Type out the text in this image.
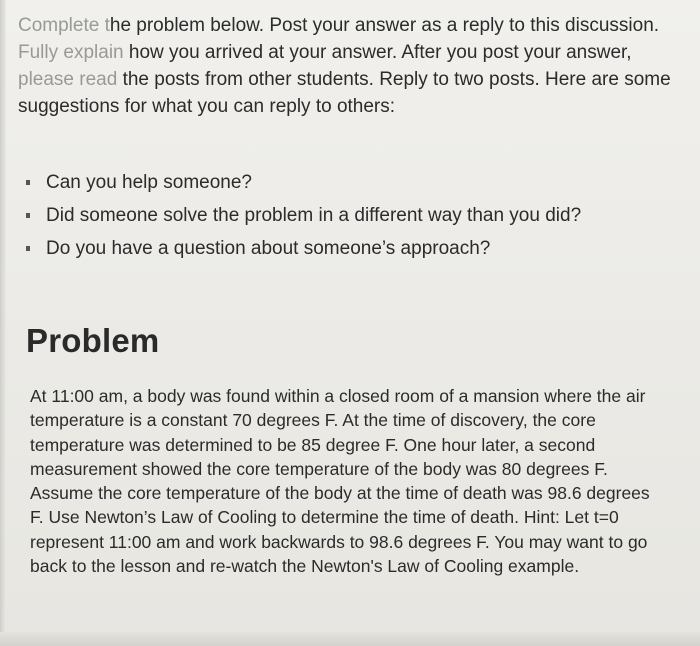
Complete the problem below. Post your answer as a reply to this discussion.
Fully explain how you arrived at your answer. After you post your answer,
please read the posts from other students. Reply to two posts. Here are some
suggestions for what you can reply to others:
Can you help someone?
Did someone solve the problem in a different way than you did?
Do you have a question about someone’s approach?
Problem
At 11:00 am, a body was found within a closed room of a mansion where the air temperature is a constant 70 degrees F. At the time of discovery, the core temperature was determined to be 85 degree F. One hour later, a second measurement showed the core temperature of the body was 80 degrees F. Assume the core temperature of the body at the time of death was 98.6 degrees F. Use Newton’s Law of Cooling to determine the time of death. Hint: Let t=0 represent 11:00 am and work backwards to 98.6 degrees F. You may want to go back to the lesson and re-watch the Newton's Law of Cooling example.
